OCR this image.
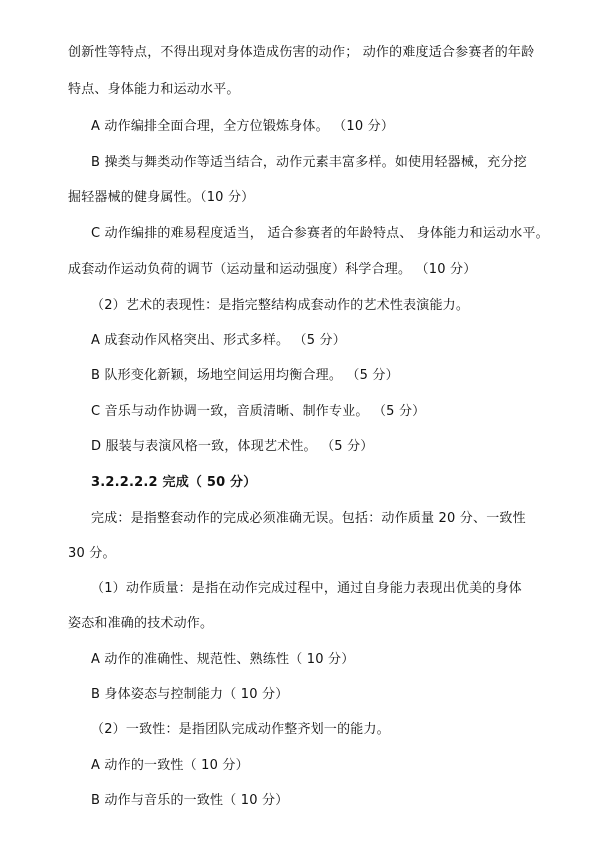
创新性等特点，不得出现对身体造成伤害的动作； 动作的难度适合参赛者的年龄
特点、身体能力和运动水平。
A 动作编排全面合理，全方位锻炼身体。 （10 分）
B 操类与舞类动作等适当结合，动作元素丰富多样。如使用轻器械，充分挖
掘轻器械的健身属性。（10 分）
C 动作编排的难易程度适当， 适合参赛者的年龄特点、 身体能力和运动水平。
成套动作运动负荷的调节（运动量和运动强度）科学合理。 （10 分）
（2）艺术的表现性：是指完整结构成套动作的艺术性表演能力。
A 成套动作风格突出、形式多样。 （5 分）
B 队形变化新颖，场地空间运用均衡合理。 （5 分）
C 音乐与动作协调一致，音质清晰、制作专业。 （5 分）
D 服装与表演风格一致，体现艺术性。 （5 分）
3.2.2.2.2 完成（ 50 分）
完成：是指整套动作的完成必须准确无误。包括：动作质量 20 分、一致性
30 分。
（1）动作质量：是指在动作完成过程中，通过自身能力表现出优美的身体
姿态和准确的技术动作。
A 动作的准确性、规范性、熟练性（ 10 分）
B 身体姿态与控制能力（ 10 分）
（2）一致性：是指团队完成动作整齐划一的能力。
A 动作的一致性（ 10 分）
B 动作与音乐的一致性（ 10 分）
